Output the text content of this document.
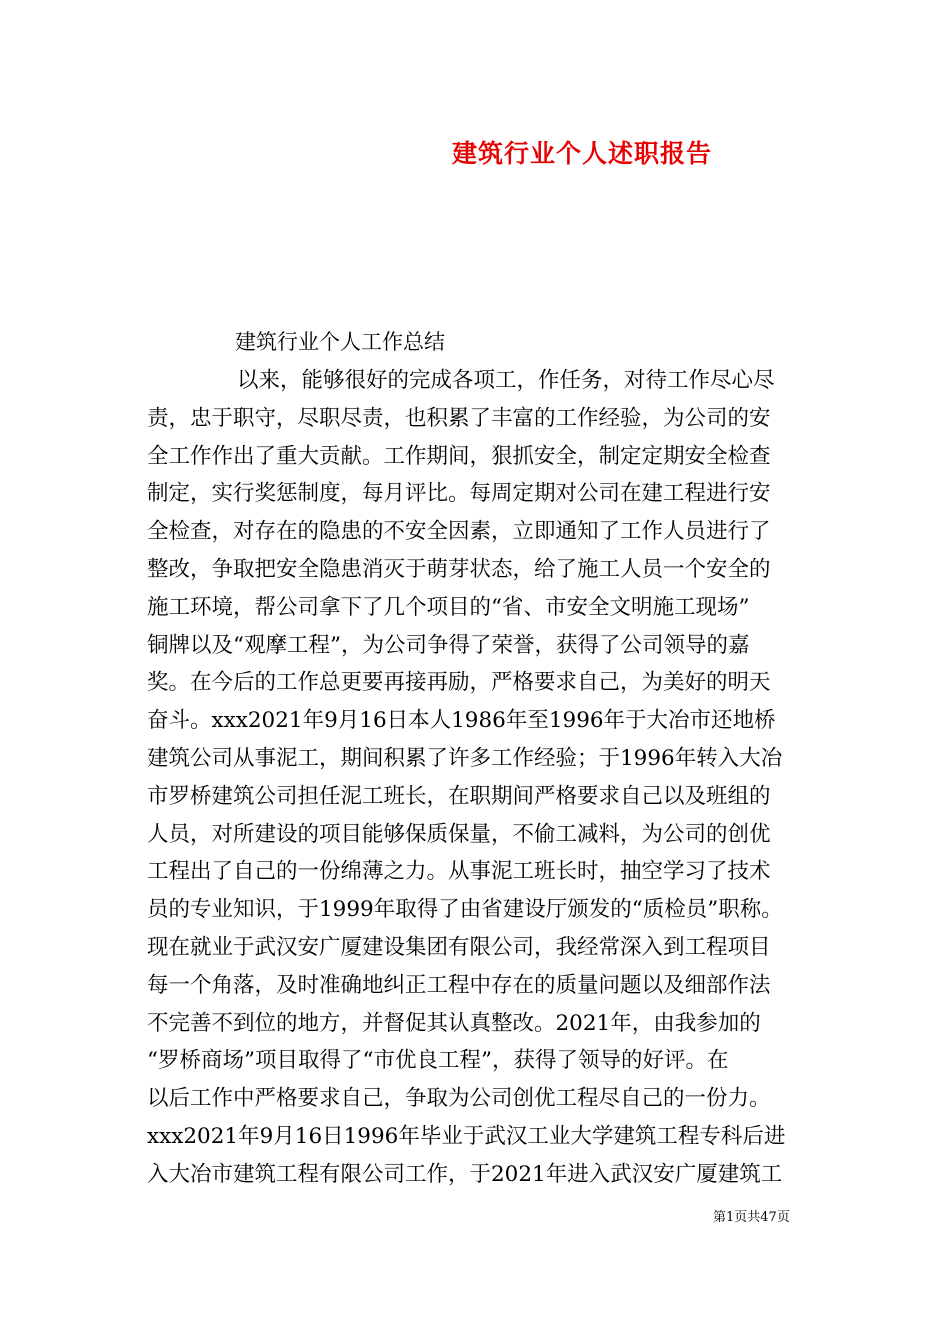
建筑行业个人述职报告
建筑行业个人工作总结
以来，能够很好的完成各项工，作任务，对待工作尽心尽
责，忠于职守，尽职尽责，也积累了丰富的工作经验，为公司的安
全工作作出了重大贡献。工作期间，狠抓安全，制定定期安全检查
制定，实行奖惩制度，每月评比。每周定期对公司在建工程进行安
全检查，对存在的隐患的不安全因素，立即通知了工作人员进行了
整改，争取把安全隐患消灭于萌芽状态，给了施工人员一个安全的
施工环境，帮公司拿下了几个项目的“省、市安全文明施工现场”
铜牌以及“观摩工程”，为公司争得了荣誉，获得了公司领导的嘉
奖。在今后的工作总更要再接再励，严格要求自己，为美好的明天
奋斗。xxx2021年9月16日本人1986年至1996年于大冶市还地桥
建筑公司从事泥工，期间积累了许多工作经验；于1996年转入大冶
市罗桥建筑公司担任泥工班长，在职期间严格要求自己以及班组的
人员，对所建设的项目能够保质保量，不偷工减料，为公司的创优
工程出了自己的一份绵薄之力。从事泥工班长时，抽空学习了技术
员的专业知识，于1999年取得了由省建设厅颁发的“质检员”职称。
现在就业于武汉安广厦建设集团有限公司，我经常深入到工程项目
每一个角落，及时准确地纠正工程中存在的质量问题以及细部作法
不完善不到位的地方，并督促其认真整改。2021年，由我参加的
“罗桥商场”项目取得了“市优良工程”，获得了领导的好评。在
以后工作中严格要求自己，争取为公司创优工程尽自己的一份力。
xxx2021年9月16日1996年毕业于武汉工业大学建筑工程专科后进
入大冶市建筑工程有限公司工作，于2021年进入武汉安广厦建筑工
第1页共47页
